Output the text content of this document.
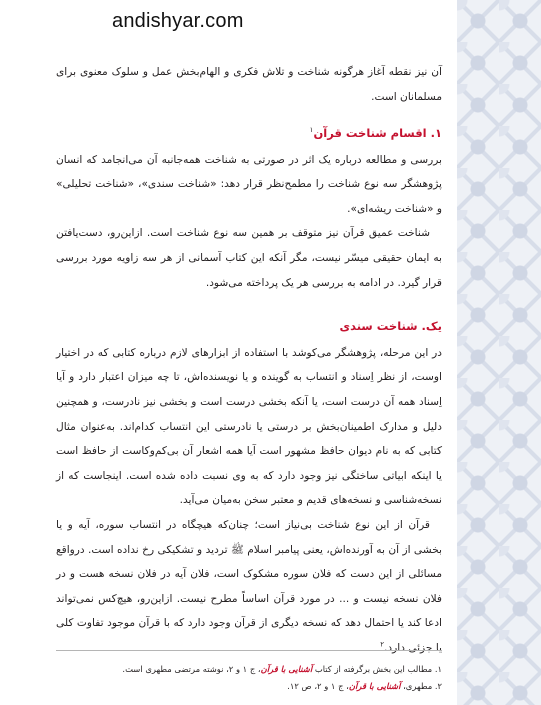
andishyar.com

آن نیز نقطه آغاز هرگونه شناخت و تلاش فکری و الهام‌بخش عمل و سلوک معنوی برای مسلمانان است.

۱. اقسام شناخت قرآن$^۱$

بررسی و مطالعه درباره یک اثر در صورتی به شناخت همه‌جانبه آن می‌انجامد که انسان پژوهشگر سه نوع شناخت را مطمح‌نظر قرار دهد: «شناخت سندی»، «شناخت تحلیلی» و «شناخت ریشه‌ای».

شناخت عمیق قرآن نیز متوقف بر همین سه نوع شناخت است. ازاین‌رو، دست‌یافتن به ایمان حقیقی میسّر نیست، مگر آنکه این کتاب آسمانی از هر سه زاویه مورد بررسی قرار گیرد. در ادامه به بررسی هر یک پرداخته می‌شود.

یک. شناخت سندی

در این مرحله، پژوهشگر می‌کوشد با استفاده از ابزارهای لازم درباره کتابی که در اختیار اوست، از نظر اِسناد و انتساب به گوینده و یا نویسنده‌اش، تا چه میزان اعتبار دارد و آیا اِسناد همه آن درست است، یا آنکه بخشی درست است و بخشی نیز نادرست، و همچنین دلیل و مدارک اطمینان‌بخش بر درستی یا نادرستی این انتساب کدام‌اند. به‌عنوان مثال کتابی که به نام دیوان حافظ مشهور است آیا همه اشعار آن بی‌کم‌وکاست از حافظ است یا اینکه ابیاتی ساختگی نیز وجود دارد که به وی نسبت داده شده است. اینجاست که از نسخه‌شناسی و نسخه‌های قدیم و معتبر سخن به‌میان می‌آید.

قرآن از این نوع شناخت بی‌نیاز است؛ چنان‌که هیچگاه در انتساب سوره، آیه و یا بخشی از آن به آورنده‌اش، یعنی پیامبر اسلام ﷺ تردید و تشکیکی رخ نداده است. درواقع مسائلی از این دست که فلان سوره مشکوک است، فلان آیه در فلان نسخه هست و در فلان نسخه نیست و ... در مورد قرآن اساساً مطرح نیست. ازاین‌رو، هیچ‌کس نمی‌تواند ادعا کند یا احتمال دهد که نسخه دیگری از قرآن وجود دارد که با قرآن موجود تفاوت کلی یا جزئی دارد.$^۲$

۱. مطالب این بخش برگرفته از کتاب آشنایی با قرآن، ج ۱ و ۲، نوشته مرتضی مطهری است.

۲. مطهری، آشنایی با قرآن، ج ۱ و ۲، ص ۱۲.
